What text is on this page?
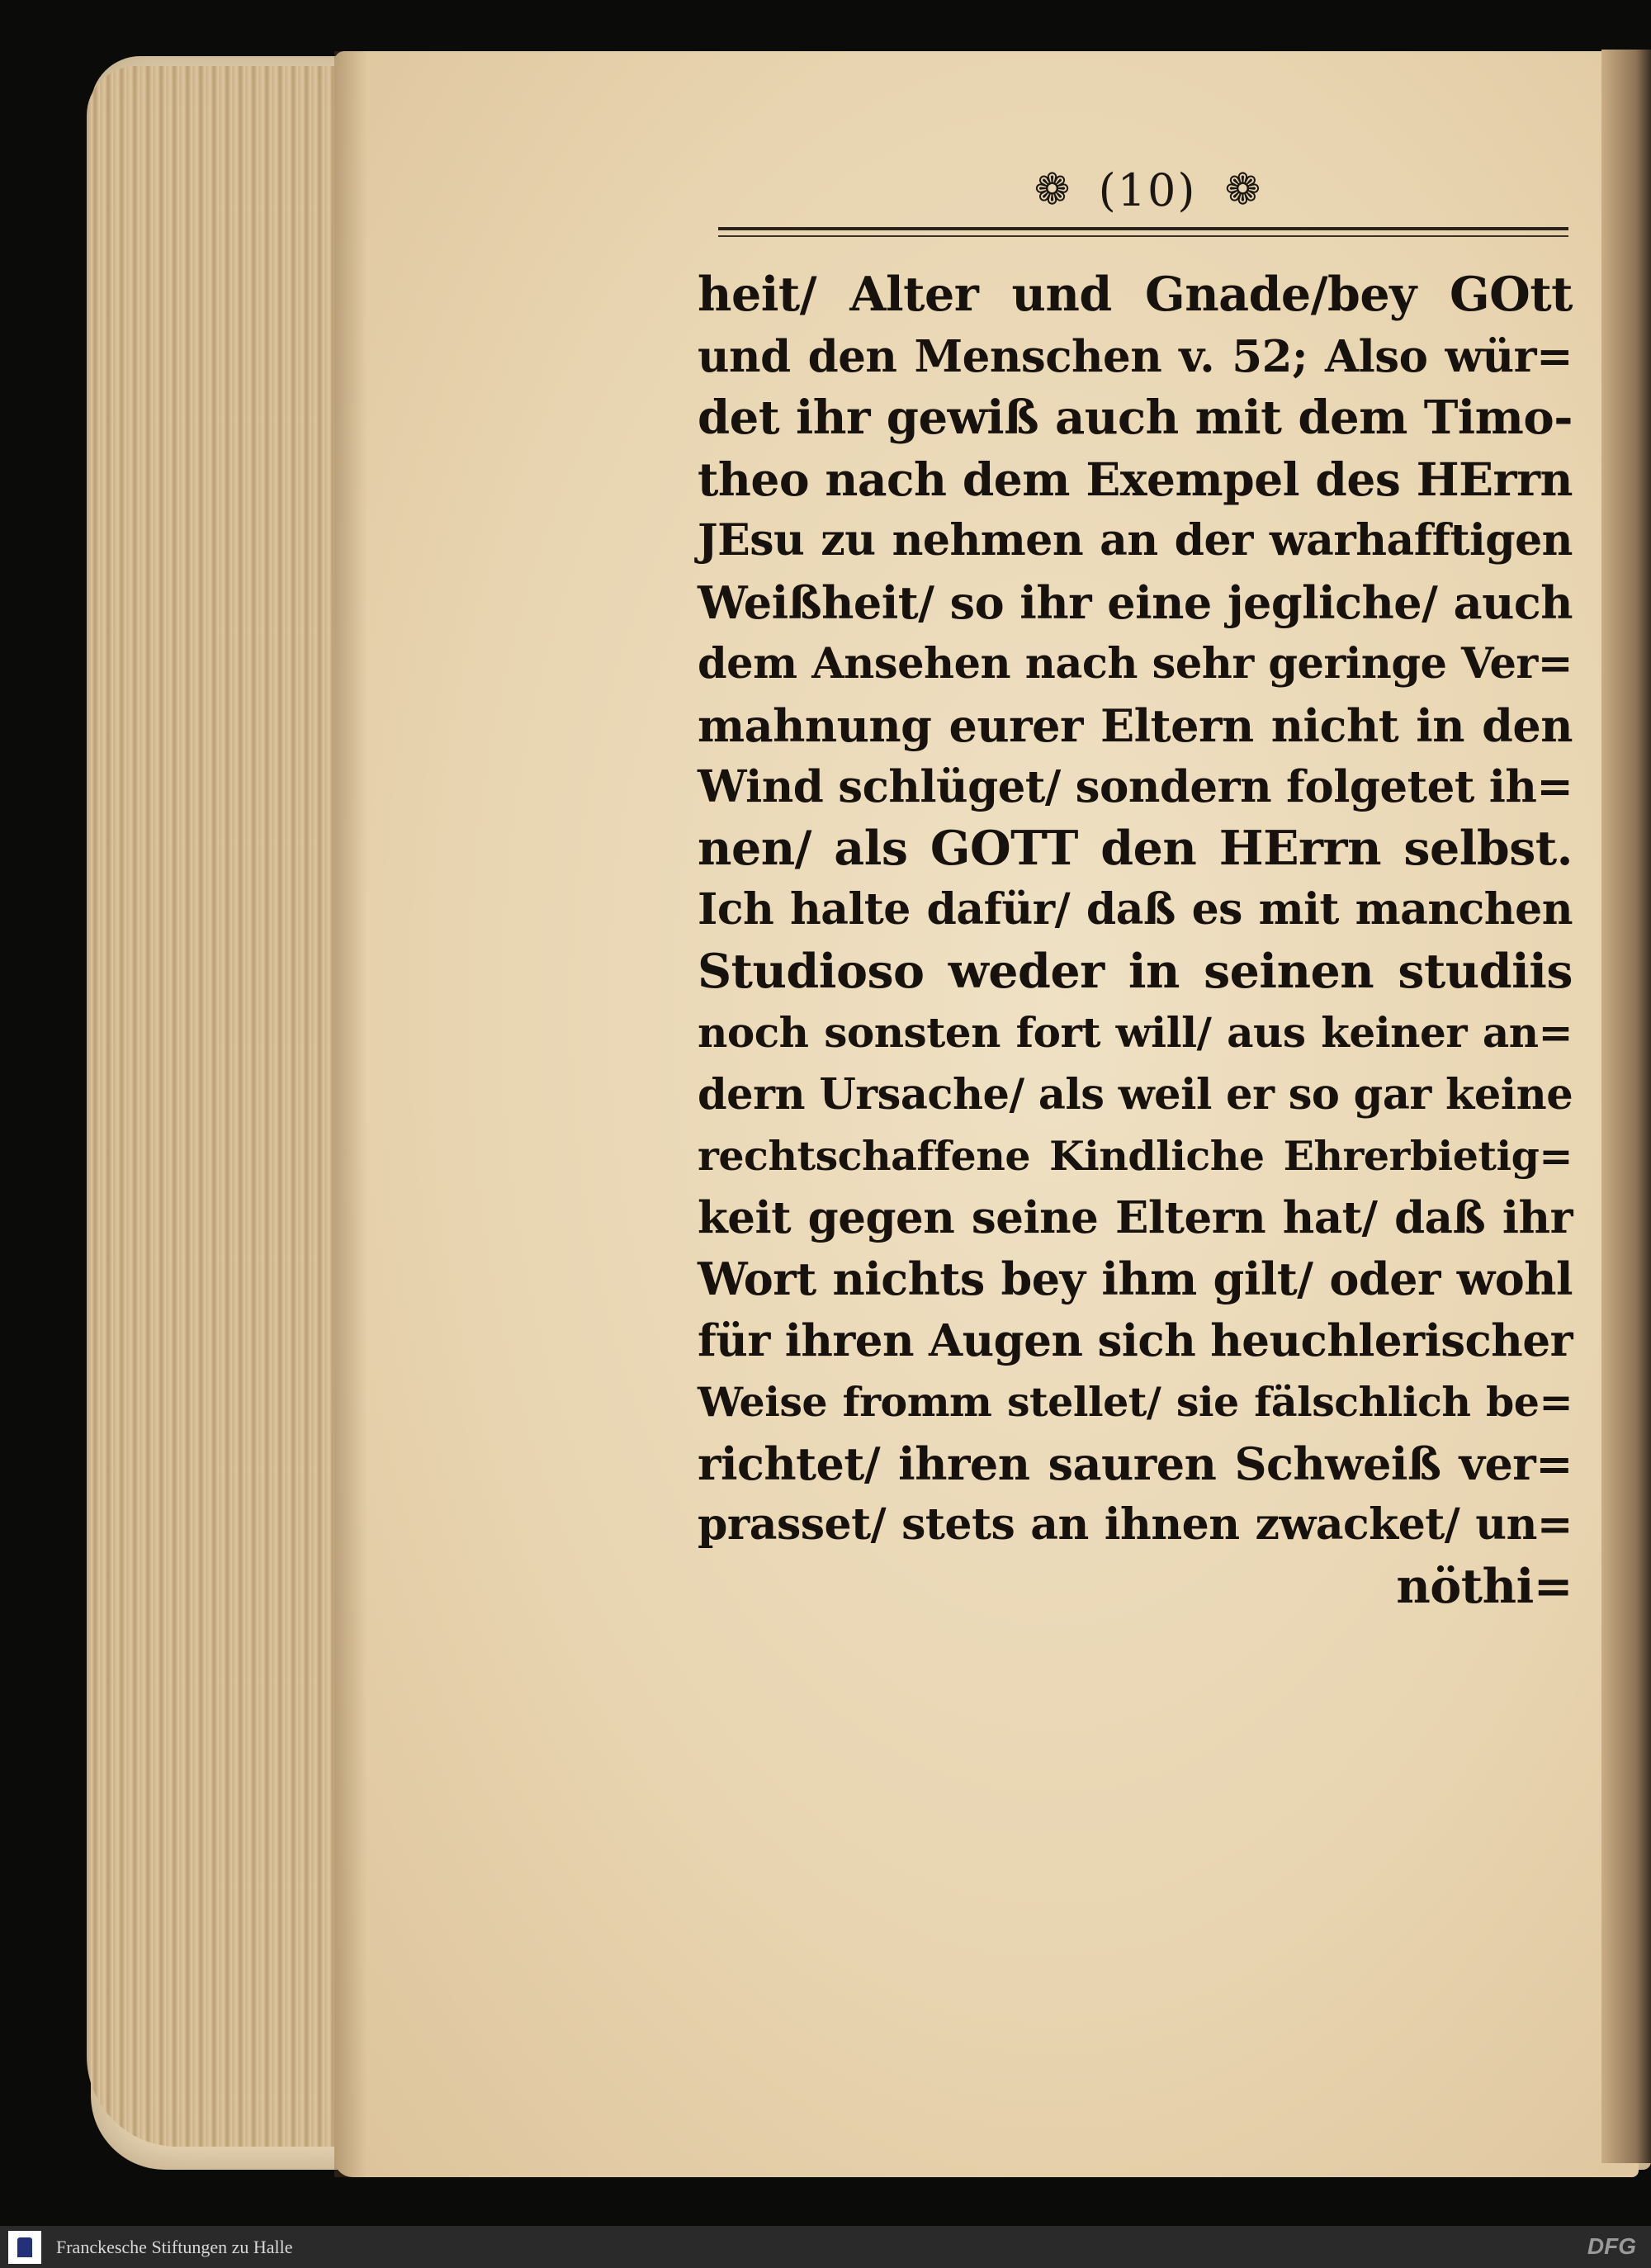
❁ (10) ❁
heit/ Alter und Gnade/bey GOtt
und den Menschen v. 52; Also wür=
det ihr gewiß auch mit dem Timo-
theo nach dem Exempel des HErrn
JEsu zu nehmen an der warhafftigen
Weißheit/ so ihr eine jegliche/ auch
dem Ansehen nach sehr geringe Ver=
mahnung eurer Eltern nicht in den
Wind schlüget/ sondern folgetet ih=
nen/ als GOTT den HErrn selbst.
Ich halte dafür/ daß es mit manchen
Studioso weder in seinen studiis
noch sonsten fort will/ aus keiner an=
dern Ursache/ als weil er so gar keine
rechtschaffene Kindliche Ehrerbietig=
keit gegen seine Eltern hat/ daß ihr
Wort nichts bey ihm gilt/ oder wohl
für ihren Augen sich heuchlerischer
Weise fromm stellet/ sie fälschlich be=
richtet/ ihren sauren Schweiß ver=
prasset/ stets an ihnen zwacket/ un=
nöthi=
Franckesche Stiftungen zu Halle	DFG
